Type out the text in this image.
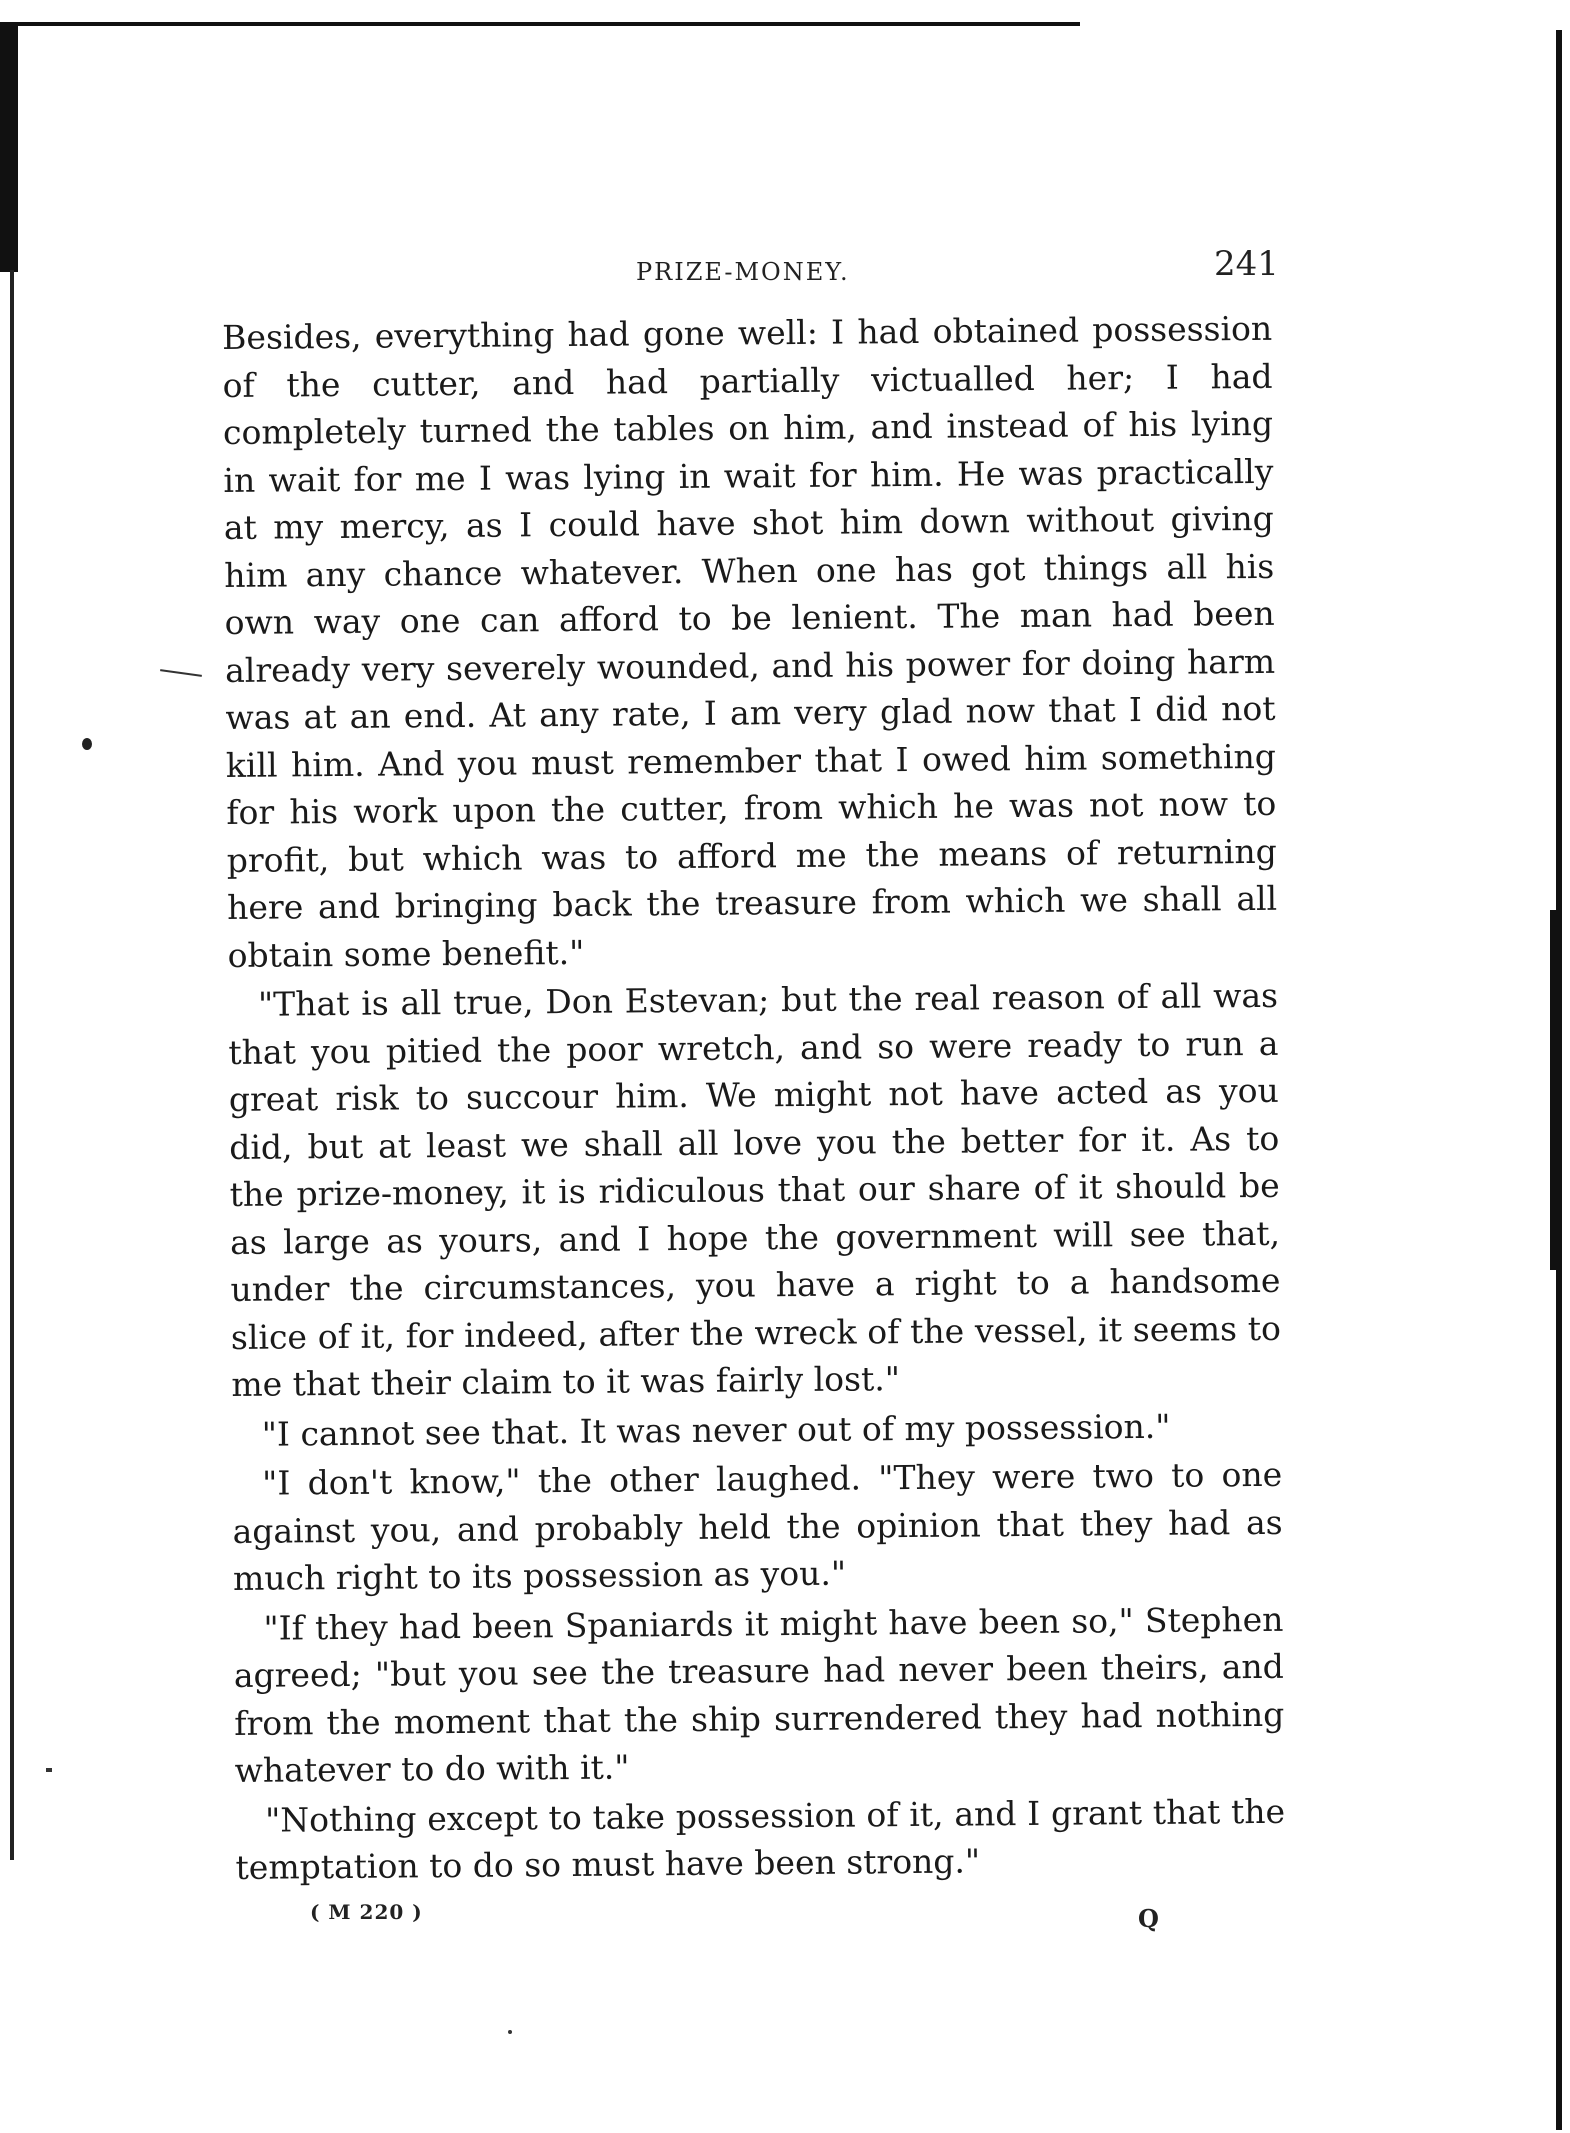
PRIZE-MONEY.	241

Besides, everything had gone well: I had obtained possession of the cutter, and had partially victualled her; I had completely turned the tables on him, and instead of his lying in wait for me I was lying in wait for him. He was practically at my mercy, as I could have shot him down without giving him any chance whatever. When one has got things all his own way one can afford to be lenient. The man had been already very severely wounded, and his power for doing harm was at an end. At any rate, I am very glad now that I did not kill him. And you must remember that I owed him something for his work upon the cutter, from which he was not now to profit, but which was to afford me the means of returning here and bringing back the treasure from which we shall all obtain some benefit."

"That is all true, Don Estevan; but the real reason of all was that you pitied the poor wretch, and so were ready to run a great risk to succour him. We might not have acted as you did, but at least we shall all love you the better for it. As to the prize-money, it is ridiculous that our share of it should be as large as yours, and I hope the government will see that, under the circumstances, you have a right to a handsome slice of it, for indeed, after the wreck of the vessel, it seems to me that their claim to it was fairly lost."

"I cannot see that. It was never out of my possession."

"I don't know," the other laughed. "They were two to one against you, and probably held the opinion that they had as much right to its possession as you."

"If they had been Spaniards it might have been so," Stephen agreed; "but you see the treasure had never been theirs, and from the moment that the ship surrendered they had nothing whatever to do with it."

"Nothing except to take possession of it, and I grant that the temptation to do so must have been strong."

( M 220 )	Q
